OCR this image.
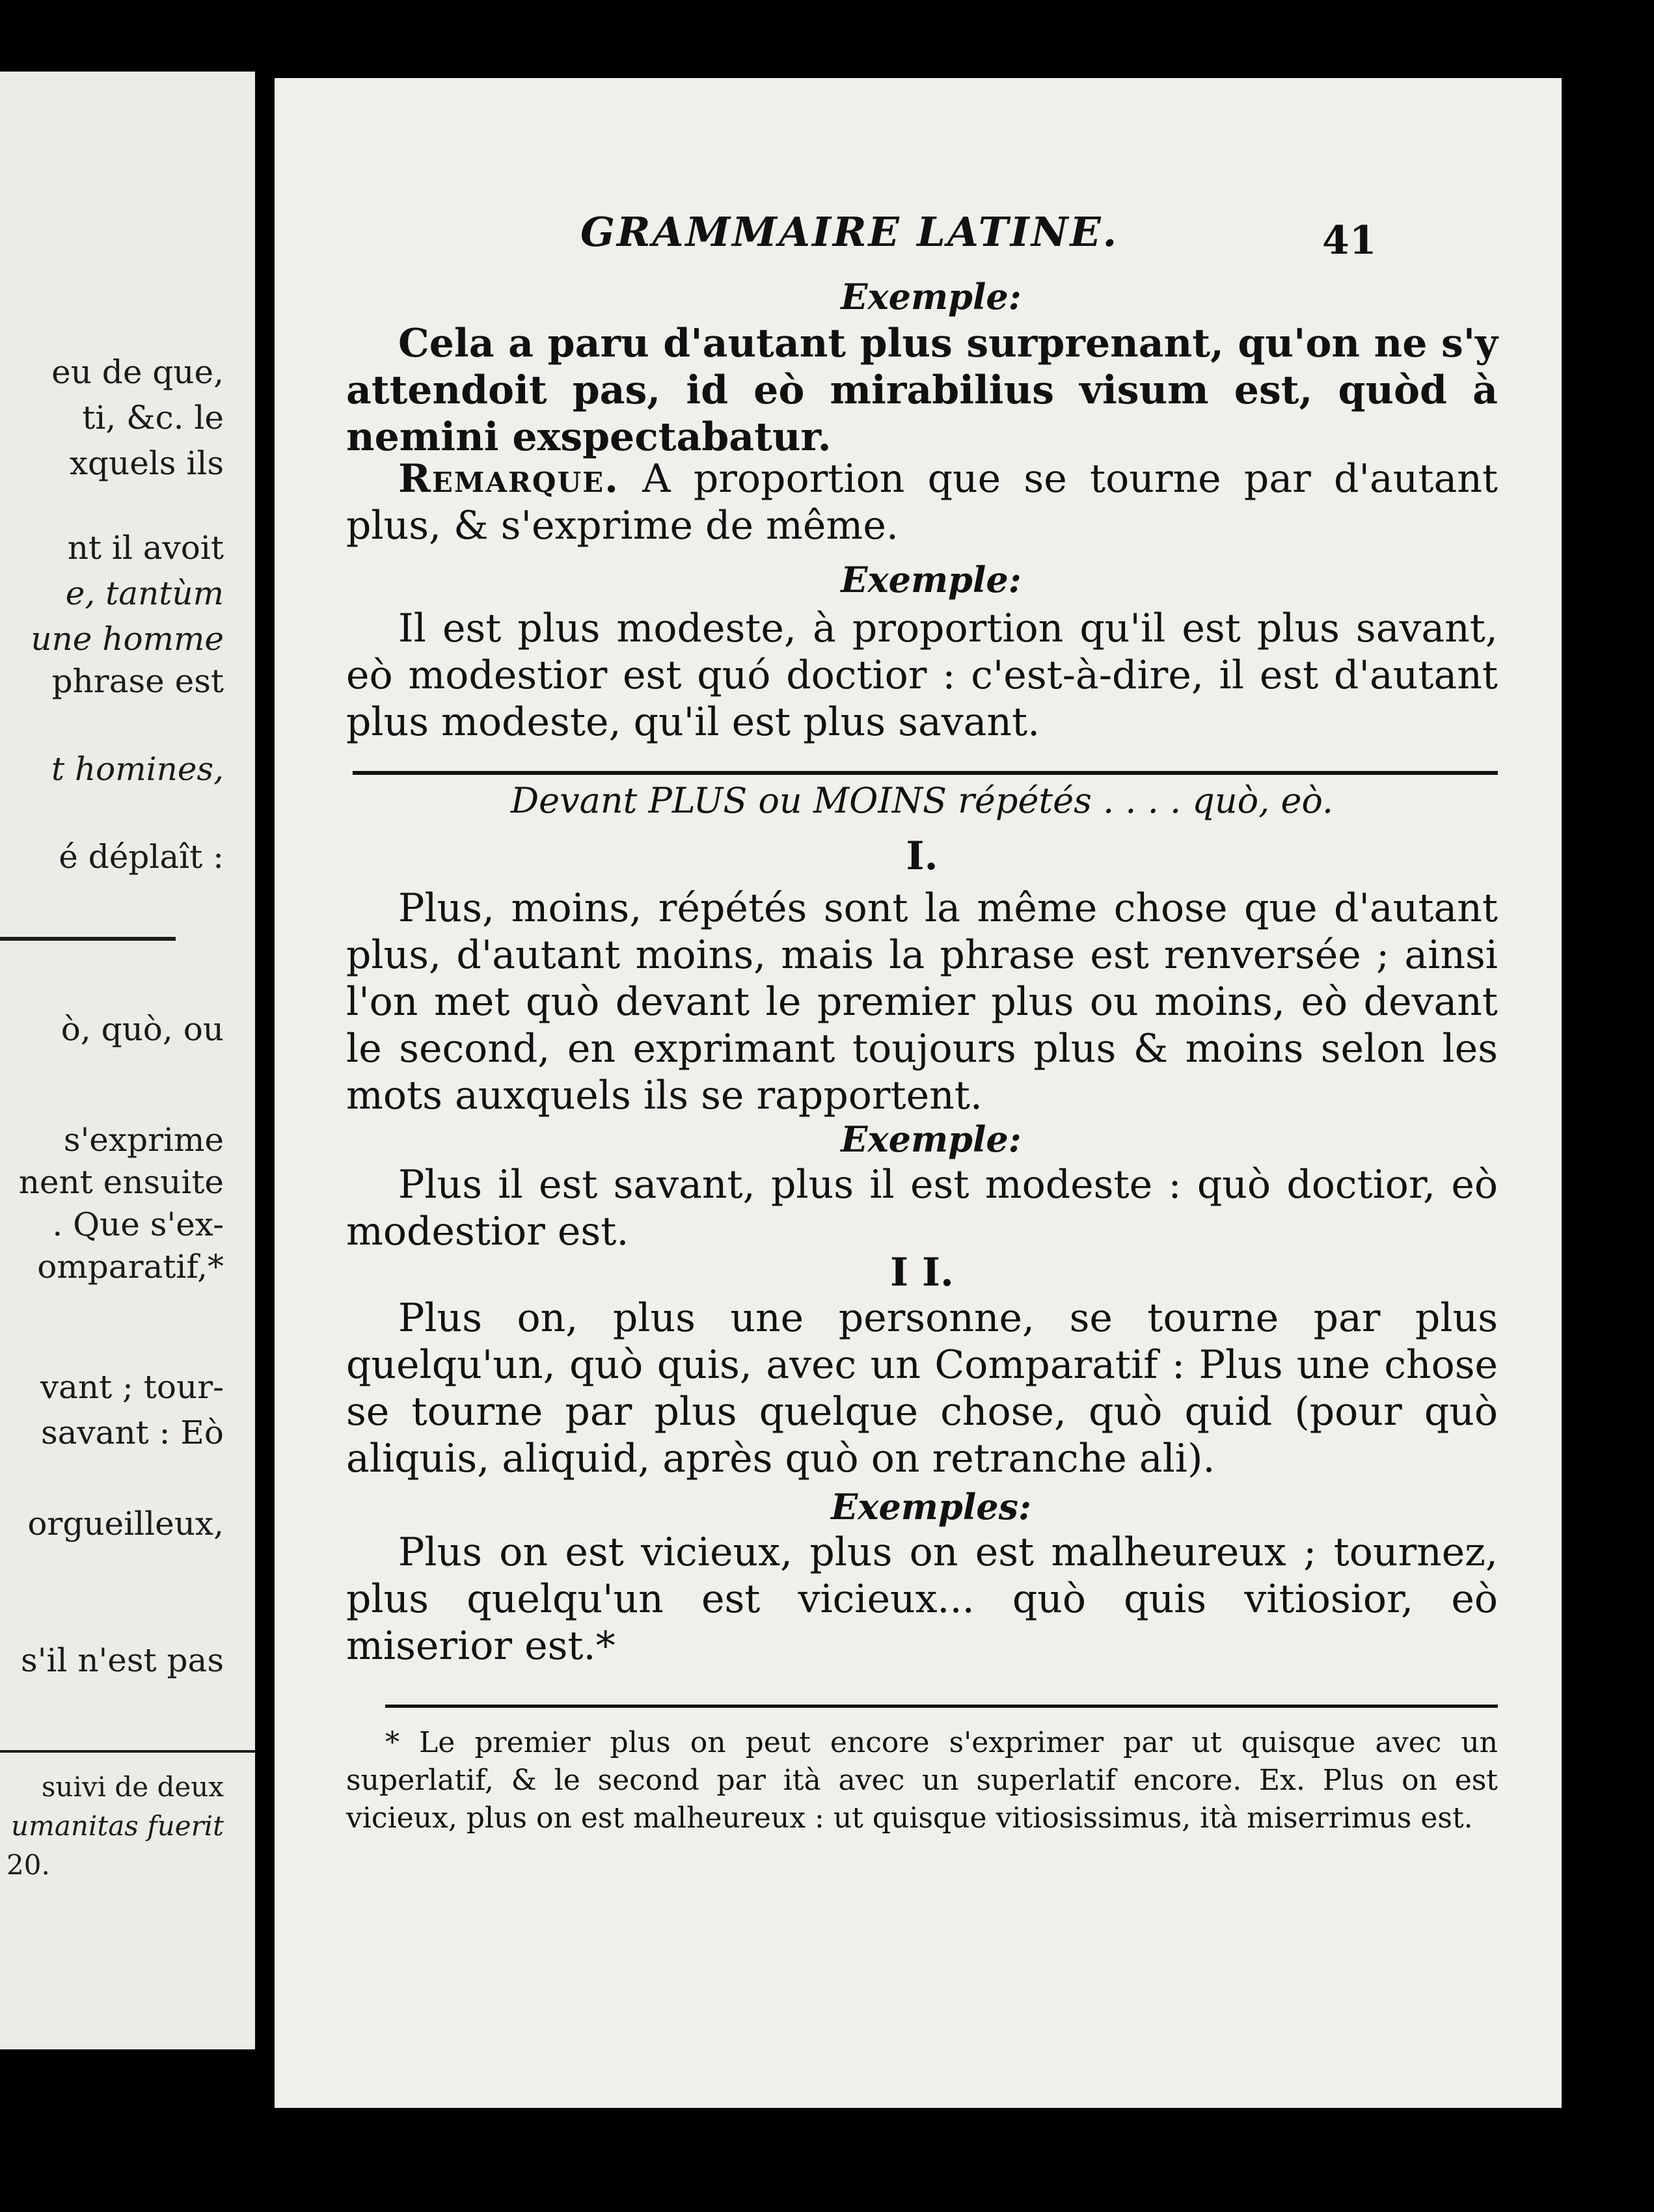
eu de que,
ti, &c. le
xquels ils
nt il avoit
e, tantùm
une homme
phrase est
t homines,
é déplaît :
ò, quò, ou
s'exprime
nent ensuite
. Que s'ex-
omparatif,*
vant ; tour-
savant : Eò
orgueilleux,
s'il n'est pas
suivi de deux
umanitas fuerit
20.
GRAMMAIRE LATINE.	41
Exemple:
Cela a paru d'autant plus surprenant, qu'on ne s'y attendoit pas, id eò mirabilius visum est, quòd à nemini exspectabatur.
Remarque. A proportion que se tourne par d'autant plus, & s'exprime de même.
Exemple:
Il est plus modeste, à proportion qu'il est plus savant, eò modestior est quó doctior : c'est-à-dire, il est d'autant plus modeste, qu'il est plus savant.
Devant PLUS ou MOINS répétés . . . . quò, eò.
I.
Plus, moins, répétés sont la même chose que d'autant plus, d'autant moins, mais la phrase est renversée ; ainsi l'on met quò devant le premier plus ou moins, eò devant le second, en exprimant toujours plus & moins selon les mots auxquels ils se rapportent.
Exemple:
Plus il est savant, plus il est modeste : quò doctior, eò modestior est.
I I.
Plus on, plus une personne, se tourne par plus quelqu'un, quò quis, avec un Comparatif : Plus une chose se tourne par plus quelque chose, quò quid (pour quò aliquis, aliquid, après quò on retranche ali).
Exemples:
Plus on est vicieux, plus on est malheureux ; tournez, plus quelqu'un est vicieux... quò quis vitiosior, eò miserior est.*
* Le premier plus on peut encore s'exprimer par ut quisque avec un superlatif, & le second par ità avec un superlatif encore. Ex. Plus on est vicieux, plus on est malheureux : ut quisque vitiosissimus, ità miserrimus est.
